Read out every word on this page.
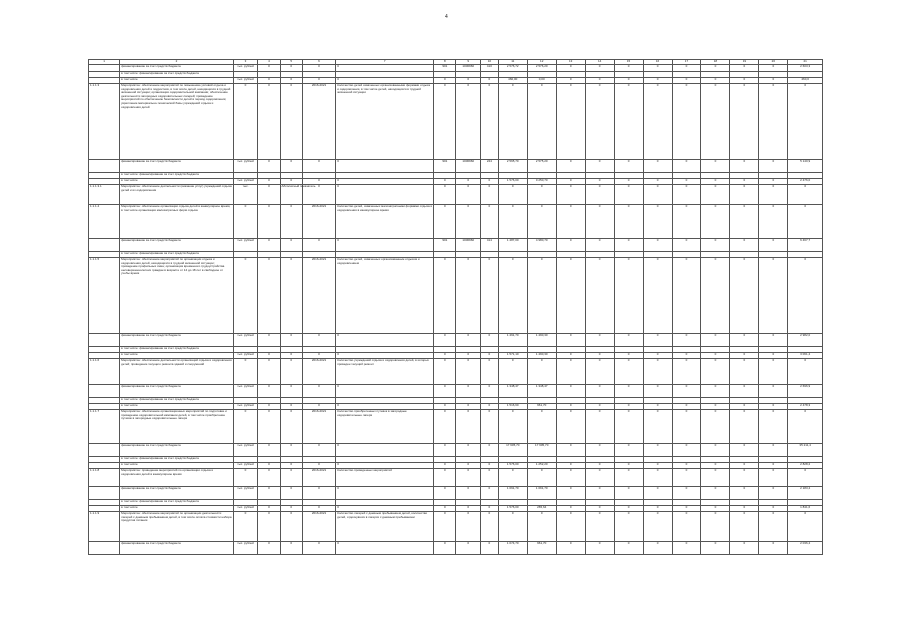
4
1	2	3	4	5	6	7	8	9	10	11	12	13	14	15	16	17	18	19	20	21
	финансирование за счет средств бюджета	тыс. рублей	0	0	0	0	901	1006960	410	2 576,72	2 576,20	0	0	0	0	0	0	0	0	2 603,3
	в том числе: финансирование за счет средств бюджета																			
	в том числе	тыс. рублей	0	0	0	0	0	0	0	460,00	0,00	0	0	0	0	0	0	0	0	460,0
1.1.1.3	Мероприятие: обеспечение мероприятий по повышению условий отдыха и оздоровления детей и подростков, в том числе детей, находящихся в трудной жизненной ситуации; организация оздоровительной кампании; обеспечение деятельности загородных оздоровительных лагерей; проведение мероприятий по обеспечению безопасности детей в период оздоровления; укрепление материально-технической базы учреждений отдыха и оздоровления детей	0	0	0	2016-2021	Количество детей охваченных организованными формами отдыха и оздоровления, в том числе детей, находящихся в трудной жизненной ситуации	0	0	0	0	0	0	0	0	0	0	0	0	0	0
	финансирование за счет средств бюджета	тыс. рублей	0	0	0	0	901	1006960	244	2 565,70	2 575,20	0	0	0	0	0	0	0	0	5 140,9
	в том числе: финансирование за счет средств бюджета																			
	в том числе	тыс. рублей	0	0	0	0	0	0	0	1 576,00	0 250,70	0	0	0	0	0	0	0	0	2 476,0
1.1.1.3.1	Мероприятие: обеспечение деятельности (оказание услуг) учреждений отдыха детей и их оздоровления	тыс.	0	Абсолютный показатель	0	0	0	0	0	0	0	0	0	0	0	0	0	0	0	0
1.1.1.4	Мероприятие: обеспечение организации отдыха детей в каникулярное время, в том числе организация малозатратных форм отдыха	0	0	0	2016-2021	Количество детей, охваченных малозатратными формами отдыха и оздоровления в каникулярное время	0	0	0	0	0	0	0	0	0	0	0	0	0	0
	финансирование за счет средств бюджета	тыс. рублей	0	0	0	0	901	1006960	414	1 487,00	4 980,70	0	0	0	0	0	0	0	0	6 467,7
	в том числе: финансирование за счет средств бюджета																			
1.1.1.5	Мероприятие: обеспечение мероприятий по организации отдыха и оздоровления детей, находящихся в трудной жизненной ситуации; проведение профильных смен; организация временного трудоустройства несовершеннолетних граждан в возрасте от 14 до 18 лет в свободное от учебы время	0	0	0	2016-2021	Количество детей, охваченных организованным отдыхом и оздоровлением	0	0	0	0	0	0	0	0	0	0	0	0	0	0
	финансирование за счет средств бюджета	тыс. рублей	0	0	0	0	0	0	0	1 491,70	1 490,30	0	0	0	0	0	0	0	0	2 982,0
	в том числе: финансирование за счет средств бюджета																			
	в том числе	тыс. рублей	0	0	0	0	0	0	0	1 571,10	1 490,30	0	0	0	0	0	0	0	0	3 061,4
1.1.1.6	Мероприятие: обеспечение деятельности организаций отдыха и оздоровления детей; проведение текущего ремонта зданий и сооружений	0	0	0	2016-2021	Количество учреждений отдыха и оздоровления детей, в которых проведен текущий ремонт	0	0	0	0	0	0	0	0	0	0	0	0	0	0
	финансирование за счет средств бюджета	тыс. рублей	0	0	0	0	0	0	0	1 348,47	1 348,47	0	0	0	0	0	0	0	0	2 696,9
	в том числе: финансирование за счет средств бюджета																			
	в том числе	тыс. рублей	0	0	0	0	0	0	0	1 516,60	961,70	0	0	0	0	0	0	0	0	2 478,3
1.1.1.7	Мероприятие: обеспечение организационных мероприятий по подготовке и проведению оздоровительной кампании детей, в том числе приобретение путевок в загородные оздоровительные лагеря	0	0	0	2016-2021	Количество приобретенных путевок в загородные оздоровительные лагеря	0	0	0	0	0	0	0	0	0	0	0	0	0	0
	финансирование за счет средств бюджета	тыс. рублей	0	0	0	0	0	0	0	17 605,70	17 605,70	0	0	0	0	0	0	0	0	35 211,4
	в том числе: финансирование за счет средств бюджета																			
	в том числе	тыс. рублей	0	0	0	0	0	0	0	1 576,00	1 252,20	0	0	0	0	0	0	0	0	2 828,2
1.1.1.8	Мероприятие: проведение мероприятий по организации отдыха и оздоровления детей в каникулярное время	0	0	0	2016-2021	Количество проведенных мероприятий	0	0	0	0	0	0	0	0	0	0	0	0	0	0
	финансирование за счет средств бюджета	тыс. рублей	0	0	0	0	0	0	0	1 091,70	1 091,70	0	0	0	0	0	0	0	0	2 183,4
	в том числе: финансирование за счет средств бюджета																			
	в том числе	тыс. рублей	0	0	0	0	0	0	0	1 576,00	265,64	0	0	0	0	0	0	0	0	1 841,6
1.1.1.9	Мероприятие: обеспечение мероприятий по организации деятельности лагерей с дневным пребыванием детей, в том числе оплата стоимости набора продуктов питания	0	0	0	2016-2021	Количество лагерей с дневным пребыванием детей, количество детей, отдохнувших в лагерях с дневным пребыванием	0	0	0	0	0	0	0	0	0	0	0	0	0	0
	финансирование за счет средств бюджета	тыс. рублей	0	0	0	0	0	0	0	1 074,70	961,70	0	0	0	0	0	0	0	0	2 036,4
